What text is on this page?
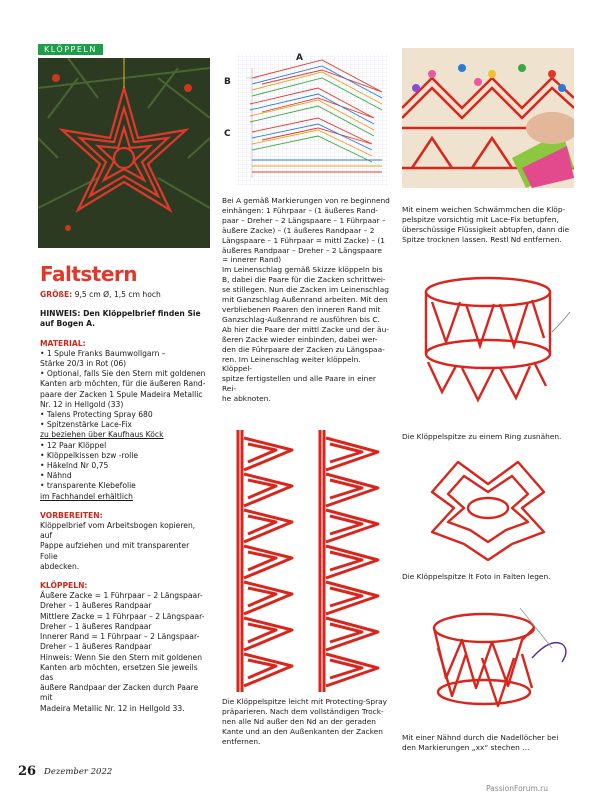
KLÖPPELN
Faltstern

GRÖßE: 9,5 cm Ø, 1,5 cm hoch

HINWEIS: Den Klöppelbrief finden Sie auf Bogen A.

MATERIAL:

• 1 Spule Franks Baumwollgarn –

Stärke 20/3 in Rot (06)

• Optional, falls Sie den Stern mit goldenen

Kanten arb möchten, für die äußeren Rand-

paare der Zacken 1 Spule Madeira Metallic

Nr. 12 in Hellgold (33)

• Talens Protecting Spray 680

• Spitzenstärke Lace-Fix

zu beziehen über Kaufhaus Köck

• 12 Paar Klöppel

• Klöppelkissen bzw -rolle

• Häkelnd Nr 0,75

• Nähnd

• transparente Klebefolie

im Fachhandel erhältlich

VORBEREITEN:

Klöppelbrief vom Arbeitsbogen kopieren, auf

Pappe aufziehen und mit transparenter Folie

abdecken.

KLÖPPELN:

Äußere Zacke = 1 Führpaar – 2 Längspaar-

Dreher – 1 äußeres Randpaar

Mittlere Zacke = 1 Führpaar – 2 Längspaar-

Dreher – 1 äußeres Randpaar

Innerer Rand = 1 Führpaar – 2 Längspaar-

Dreher – 1 äußeres Randpaar

Hinweis: Wenn Sie den Stern mit goldenen

Kanten arb möchten, ersetzen Sie jeweils das

äußere Randpaar der Zacken durch Paare mit

Madeira Metallic Nr. 12 in Hellgold 33.

A
B
C
Bei A gemäß Markierungen von re beginnend
einhängen: 1 Führpaar – (1 äußeres Rand-
paar – Dreher – 2 Längspaare – 1 Führpaar –
äußere Zacke) – (1 äußeres Randpaar – 2
Längspaare – 1 Führpaar = mittl Zacke) – (1
äußeres Randpaar – Dreher – 2 Längspaare
= innerer Rand)
Im Leinenschlag gemäß Skizze klöppeln bis
B, dabei die Paare für die Zacken schrittwei-
se stillegen. Nun die Zacken im Leinenschlag
mit Ganzschlag Außenrand arbeiten. Mit den
verbliebenen Paaren den inneren Rand mit
Ganzschlag-Außenrand re ausführen bis C.
Ab hier die Paare der mittl Zacke und der äu-
ßeren Zacke wieder einbinden, dabei wer-
den die Führpaare der Zacken zu Längspaa-
ren. Im Leinenschlag weiter klöppeln. Klöppel-
spitze fertigstellen und alle Paare in einer Rei-
he abknoten.
Die Klöppelspitze leicht mit Protecting-Spray
präparieren. Nach dem vollständigen Trock-
nen alle Nd außer den Nd an der geraden
Kante und an den Außenkanten der Zacken
entfernen.
Mit einem weichen Schwämmchen die Klöp-
pelspitze vorsichtig mit Lace-Fix betupfen,
überschüssige Flüssigkeit abtupfen, dann die
Spitze trocknen lassen. Restl Nd entfernen.
Die Klöppelspitze zu einem Ring zusnähen.
Die Klöppelspitze lt Foto in Falten legen.
Mit einer Nähnd durch die Nadellöcher bei
den Markierungen „xx“ stechen …
26 Dezember 2022
PassionForum.ru
